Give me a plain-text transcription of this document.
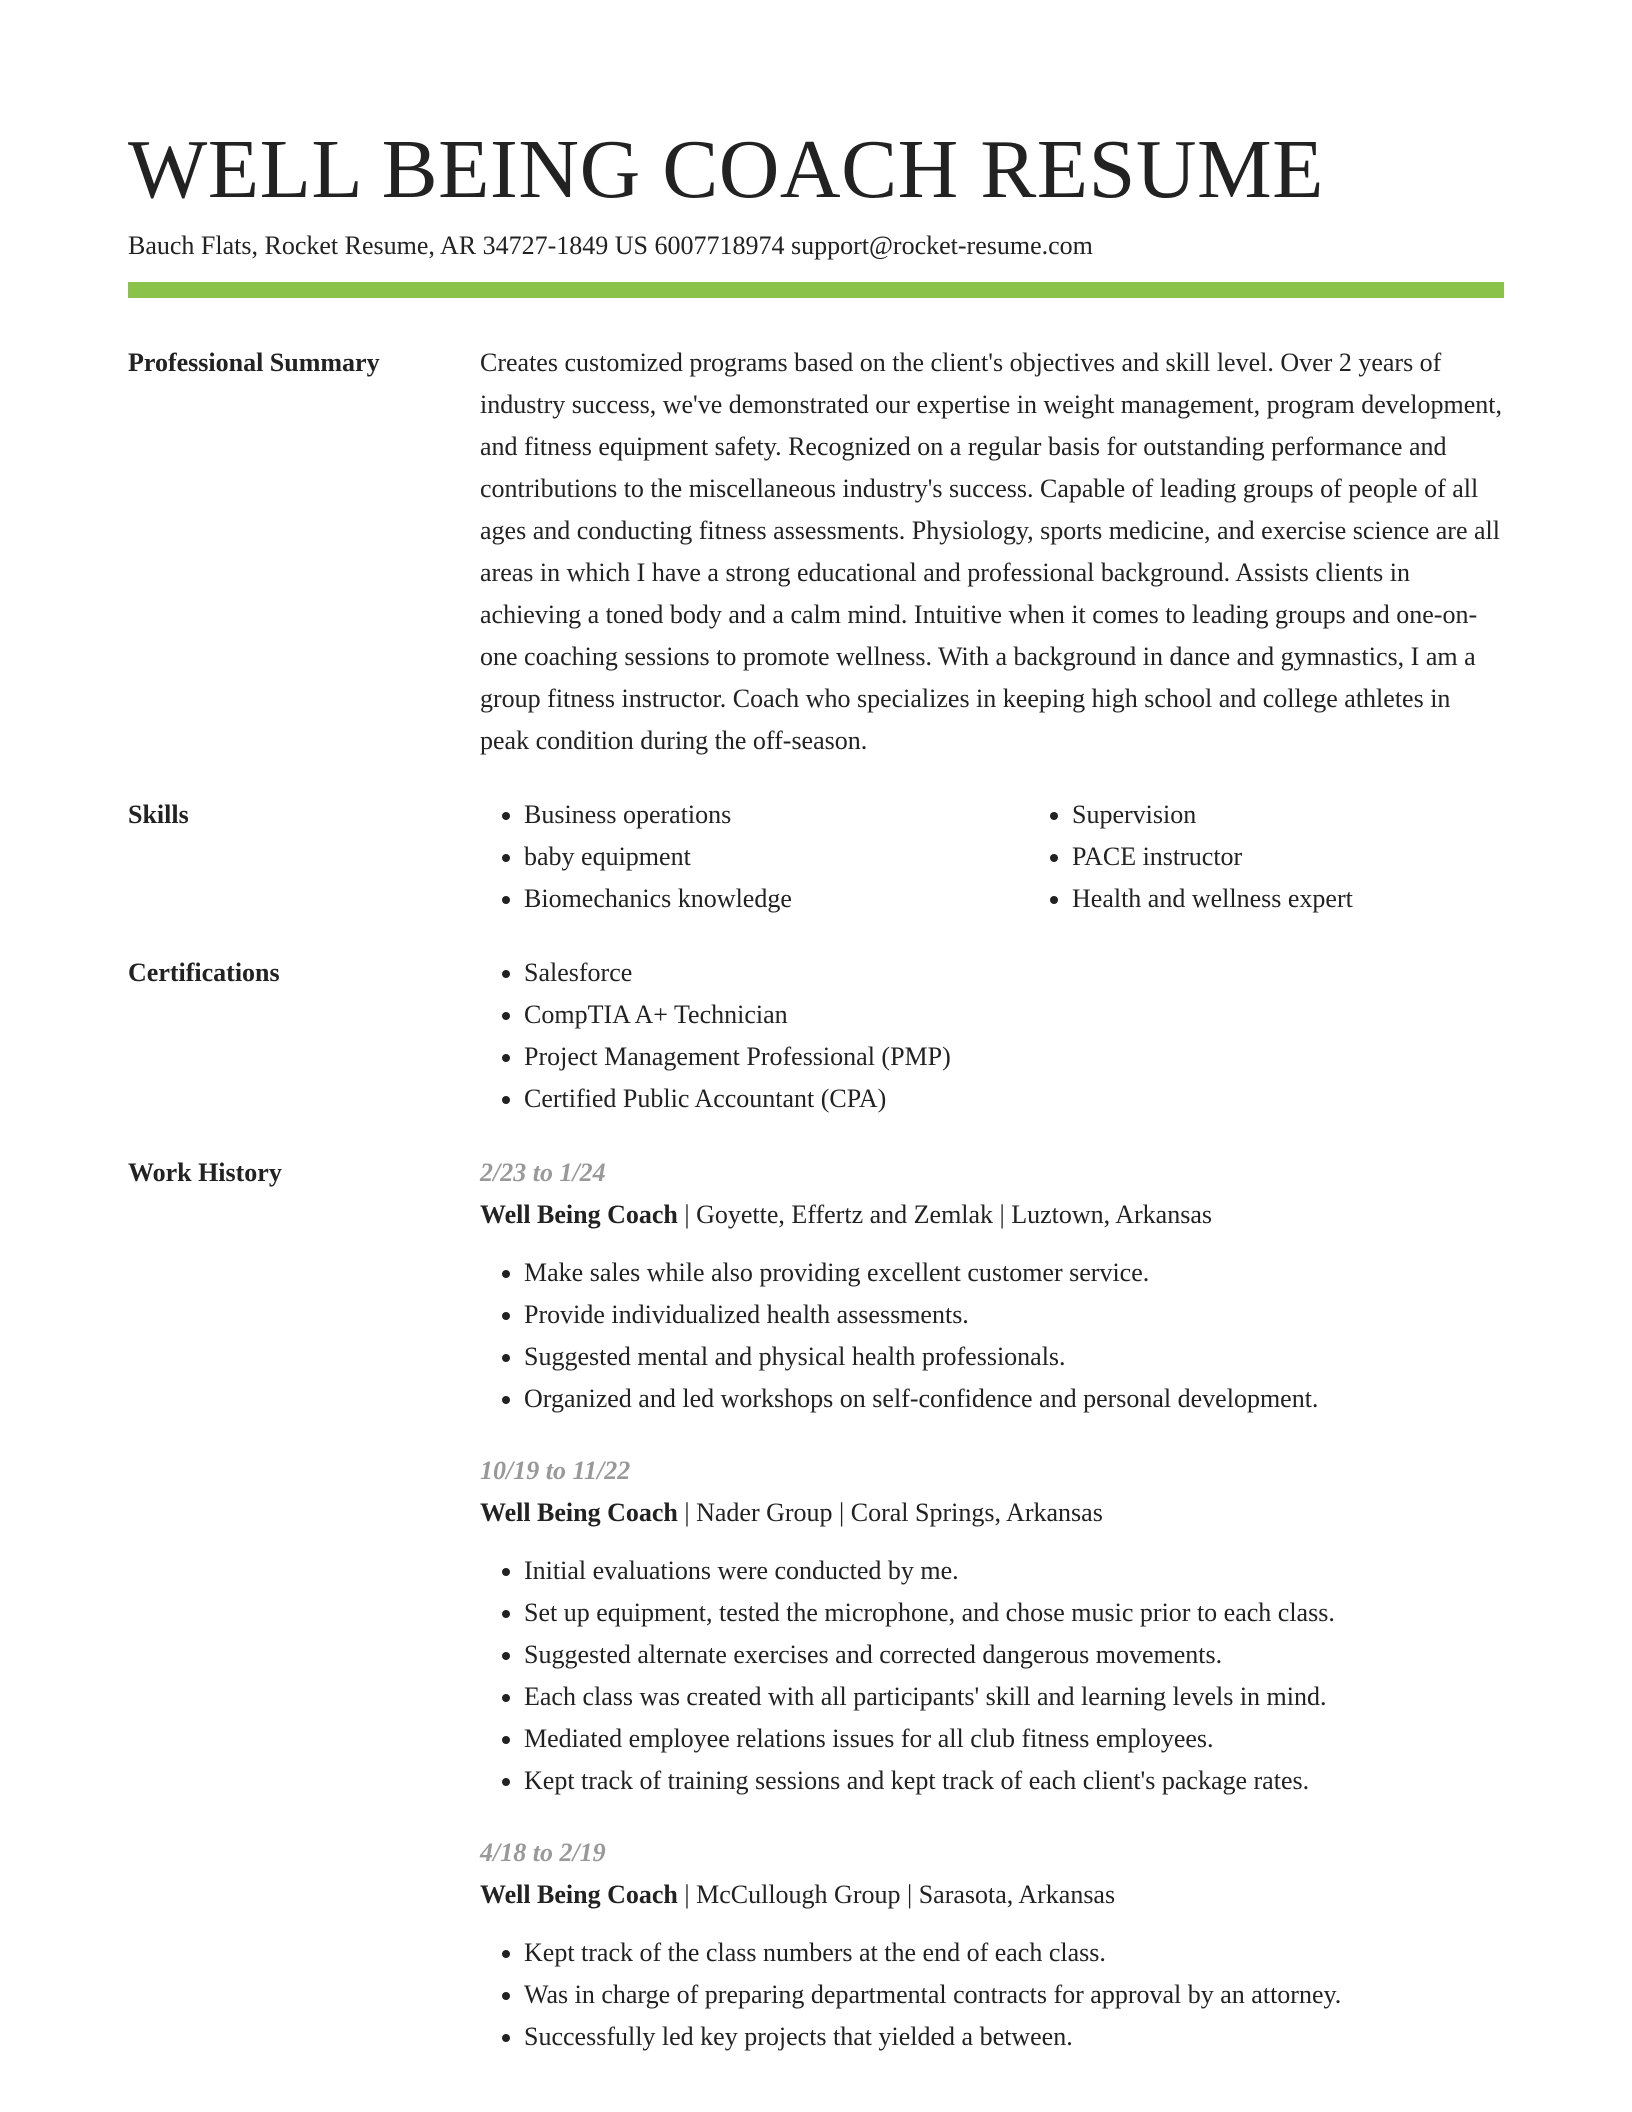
WELL BEING COACH RESUME
Bauch Flats, Rocket Resume, AR 34727-1849 US 6007718974 support@rocket-resume.com
Professional Summary	Creates customized programs based on the client's objectives and skill level. Over 2 years of industry success, we've demonstrated our expertise in weight management, program development, and fitness equipment safety. Recognized on a regular basis for outstanding performance and contributions to the miscellaneous industry's success. Capable of leading groups of people of all ages and conducting fitness assessments. Physiology, sports medicine, and exercise science are all areas in which I have a strong educational and professional background. Assists clients in achieving a toned body and a calm mind. Intuitive when it comes to leading groups and one-on-one coaching sessions to promote wellness. With a background in dance and gymnastics, I am a group fitness instructor. Coach who specializes in keeping high school and college athletes in peak condition during the off-season.
Skills	• Business operations
• baby equipment
• Biomechanics knowledge
• Supervision
• PACE instructor
• Health and wellness expert
Certifications	• Salesforce
• CompTIA A+ Technician
• Project Management Professional (PMP)
• Certified Public Accountant (CPA)
Work History	2/23 to 1/24
Well Being Coach | Goyette, Effertz and Zemlak | Luztown, Arkansas
• Make sales while also providing excellent customer service.
• Provide individualized health assessments.
• Suggested mental and physical health professionals.
• Organized and led workshops on self-confidence and personal development.
10/19 to 11/22
Well Being Coach | Nader Group | Coral Springs, Arkansas
• Initial evaluations were conducted by me.
• Set up equipment, tested the microphone, and chose music prior to each class.
• Suggested alternate exercises and corrected dangerous movements.
• Each class was created with all participants' skill and learning levels in mind.
• Mediated employee relations issues for all club fitness employees.
• Kept track of training sessions and kept track of each client's package rates.
4/18 to 2/19
Well Being Coach | McCullough Group | Sarasota, Arkansas
• Kept track of the class numbers at the end of each class.
• Was in charge of preparing departmental contracts for approval by an attorney.
• Successfully led key projects that yielded a between.
